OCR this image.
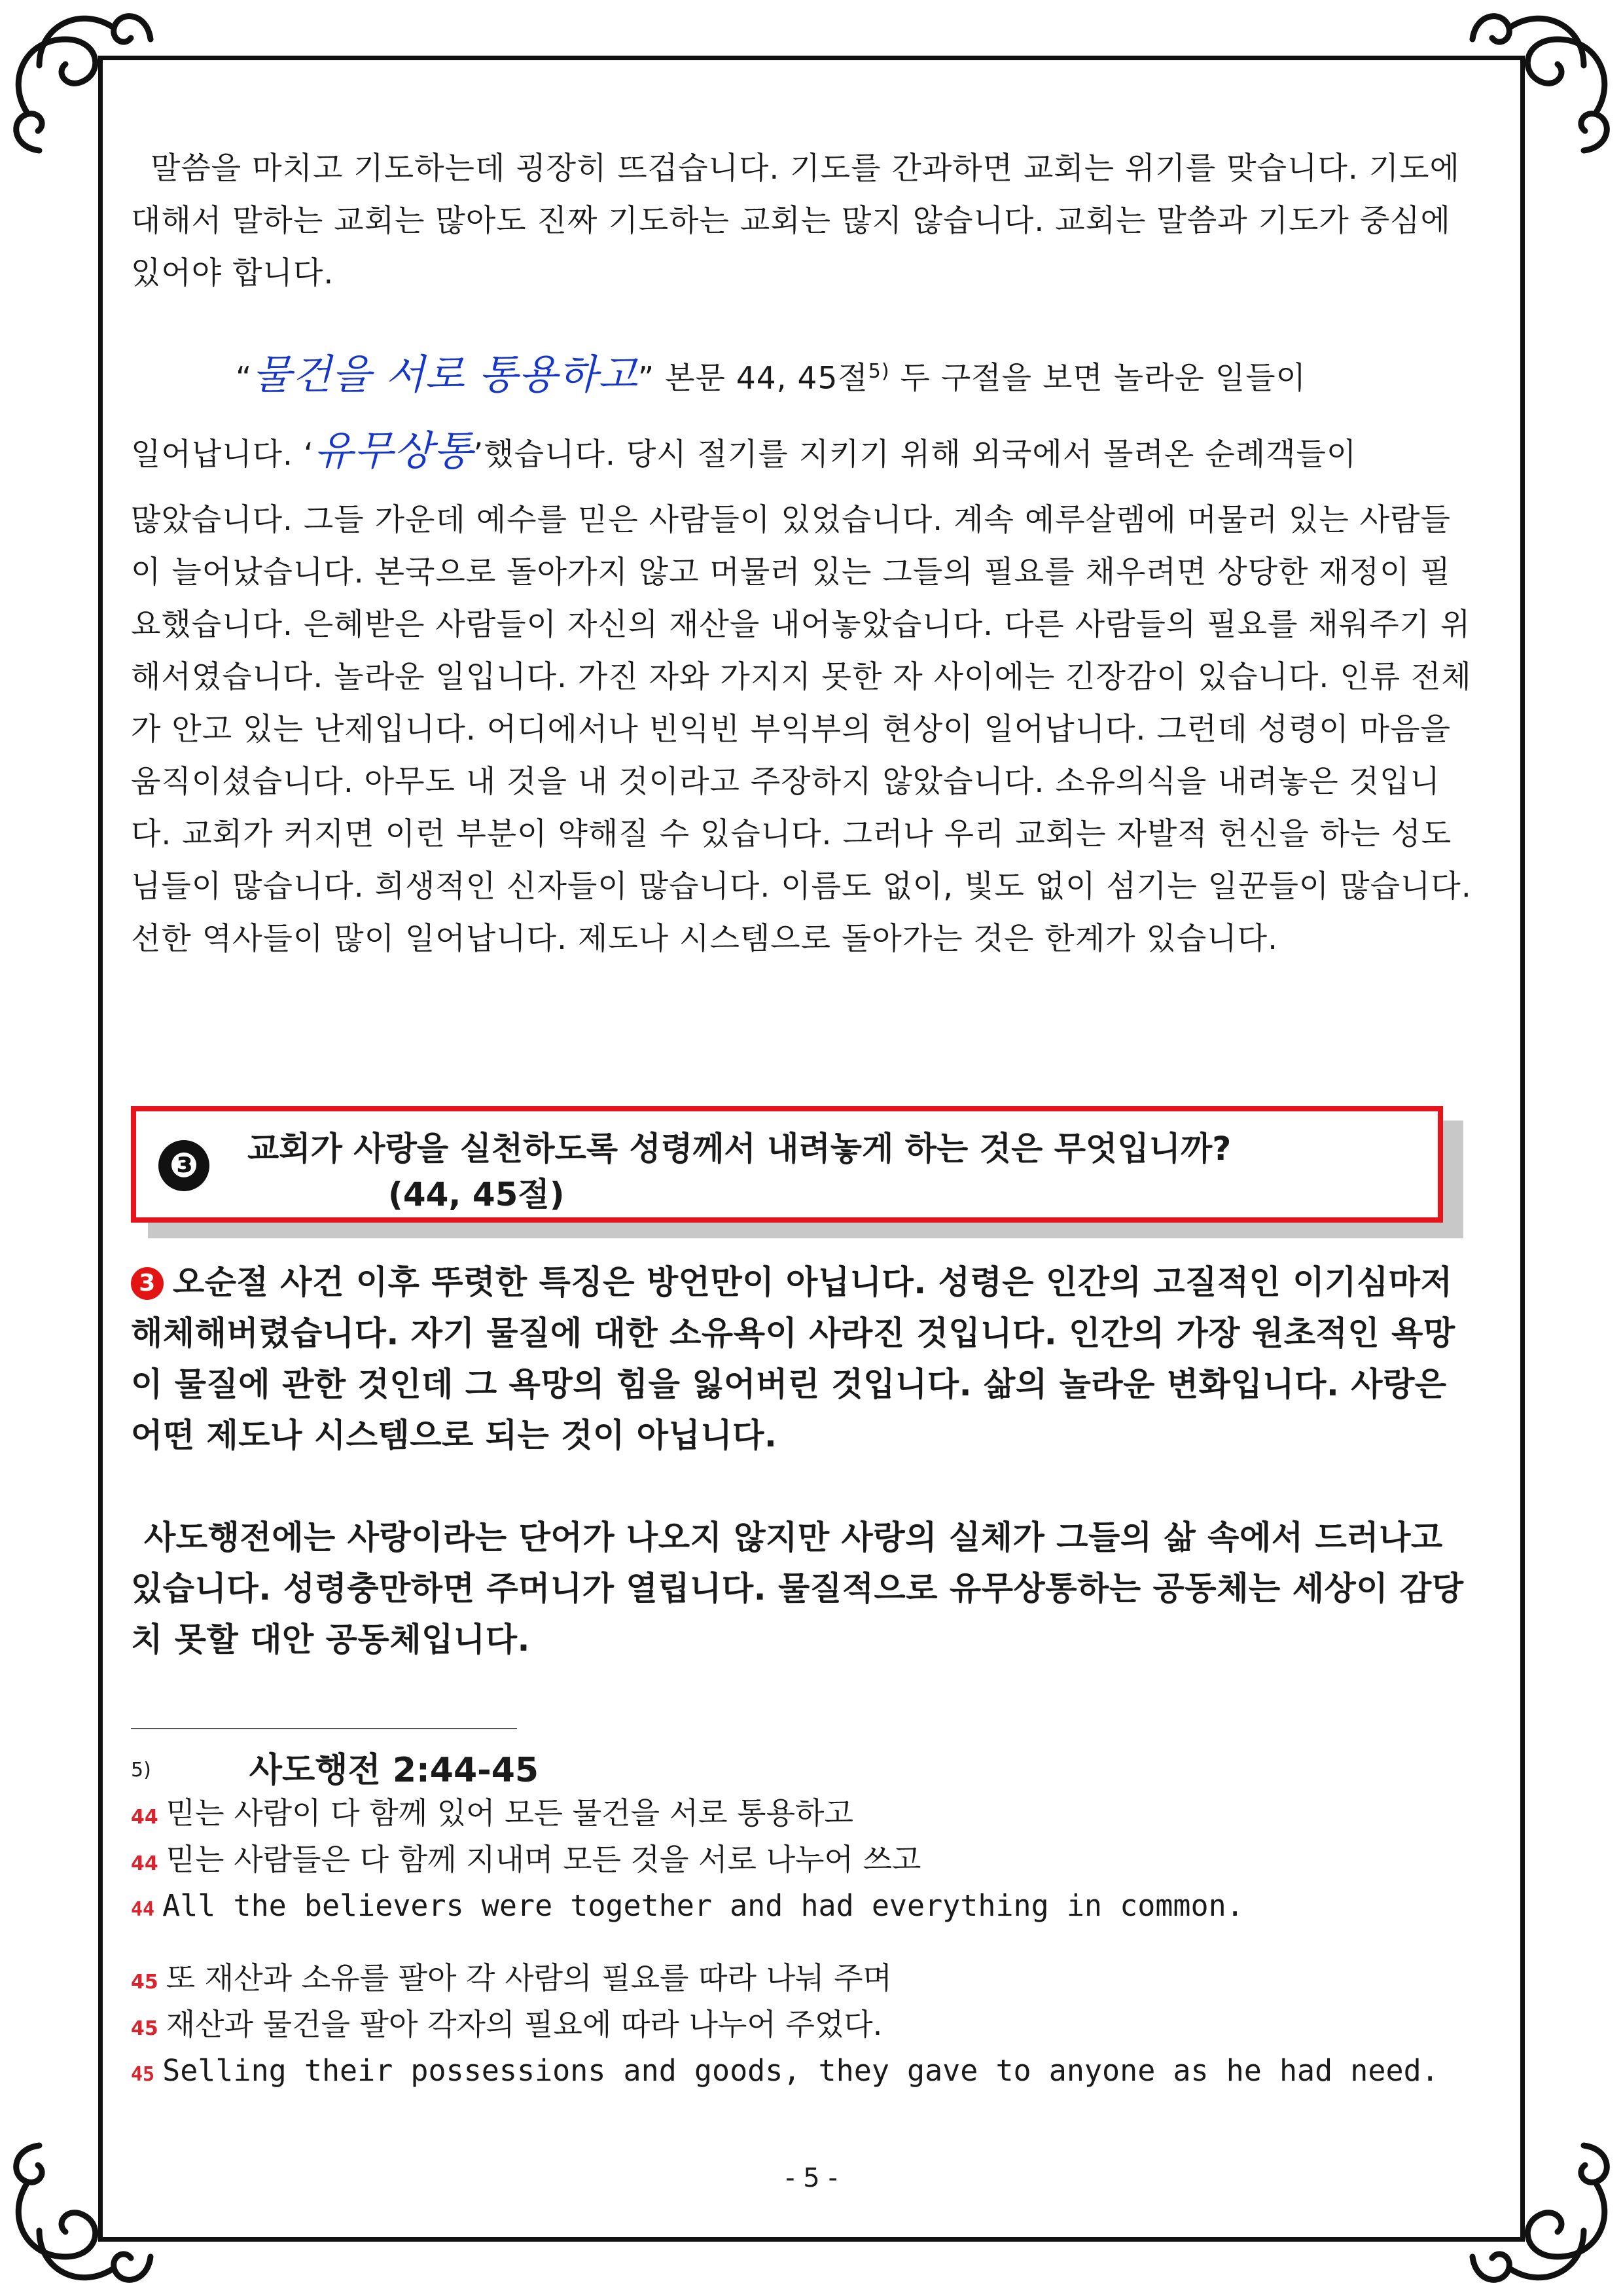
말씀을 마치고 기도하는데 굉장히 뜨겁습니다. 기도를 간과하면 교회는 위기를 맞습니다. 기도에 대해서 말하는 교회는 많아도 진짜 기도하는 교회는 많지 않습니다. 교회는 말씀과 기도가 중심에 있어야 합니다.

“물건을 서로 통용하고” 본문 44, 45절$^{5)}$ 두 구절을 보면 놀라운 일들이

일어납니다. ‘유무상통’했습니다. 당시 절기를 지키기 위해 외국에서 몰려온 순례객들이

많았습니다. 그들 가운데 예수를 믿은 사람들이 있었습니다. 계속 예루살렘에 머물러 있는 사람들이 늘어났습니다. 본국으로 돌아가지 않고 머물러 있는 그들의 필요를 채우려면 상당한 재정이 필요했습니다. 은혜받은 사람들이 자신의 재산을 내어놓았습니다. 다른 사람들의 필요를 채워주기 위해서였습니다. 놀라운 일입니다. 가진 자와 가지지 못한 자 사이에는 긴장감이 있습니다. 인류 전체가 안고 있는 난제입니다. 어디에서나 빈익빈 부익부의 현상이 일어납니다. 그런데 성령이 마음을 움직이셨습니다. 아무도 내 것을 내 것이라고 주장하지 않았습니다. 소유의식을 내려놓은 것입니다. 교회가 커지면 이런 부분이 약해질 수 있습니다. 그러나 우리 교회는 자발적 헌신을 하는 성도님들이 많습니다. 희생적인 신자들이 많습니다. 이름도 없이, 빛도 없이 섬기는 일꾼들이 많습니다. 선한 역사들이 많이 일어납니다. 제도나 시스템으로 돌아가는 것은 한계가 있습니다.

❸	교회가 사랑을 실천하도록 성령께서 내려놓게 하는 것은 무엇입니까?
(44, 45절)

3 오순절 사건 이후 뚜렷한 특징은 방언만이 아닙니다. 성령은 인간의 고질적인 이기심마저 해체해버렸습니다. 자기 물질에 대한 소유욕이 사라진 것입니다. 인간의 가장 원초적인 욕망이 물질에 관한 것인데 그 욕망의 힘을 잃어버린 것입니다. 삶의 놀라운 변화입니다. 사랑은 어떤 제도나 시스템으로 되는 것이 아닙니다.

사도행전에는 사랑이라는 단어가 나오지 않지만 사랑의 실체가 그들의 삶 속에서 드러나고 있습니다. 성령충만하면 주머니가 열립니다. 물질적으로 유무상통하는 공동체는 세상이 감당치 못할 대안 공동체입니다.

5)	사도행전 2:44-45

44 믿는 사람이 다 함께 있어 모든 물건을 서로 통용하고

44 믿는 사람들은 다 함께 지내며 모든 것을 서로 나누어 쓰고

44 All the believers were together and had everything in common.

45 또 재산과 소유를 팔아 각 사람의 필요를 따라 나눠 주며

45 재산과 물건을 팔아 각자의 필요에 따라 나누어 주었다.

45 Selling their possessions and goods, they gave to anyone as he had need.

- 5 -
